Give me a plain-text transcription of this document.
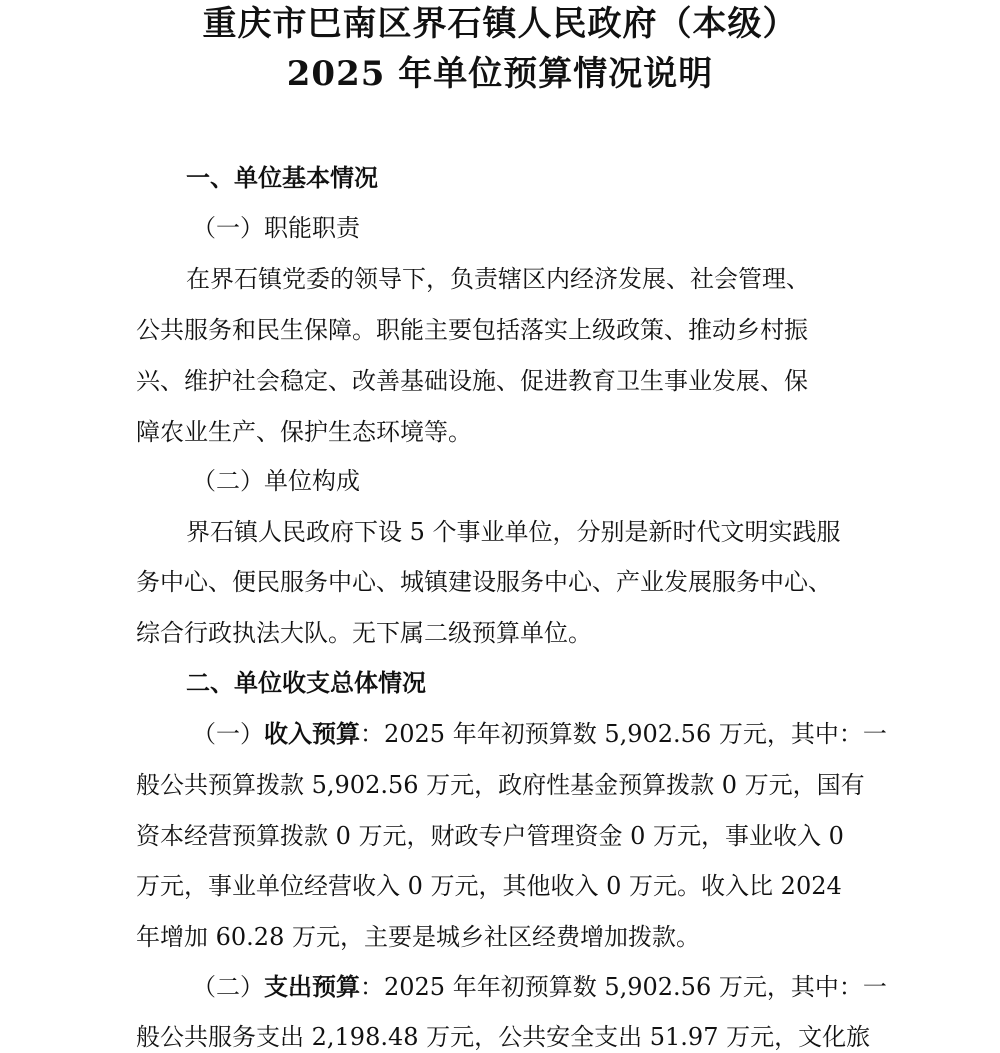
重庆市巴南区界石镇人民政府（本级）
2025 年单位预算情况说明
一、单位基本情况
（一）职能职责
在界石镇党委的领导下，负责辖区内经济发展、社会管理、
公共服务和民生保障。职能主要包括落实上级政策、推动乡村振
兴、维护社会稳定、改善基础设施、促进教育卫生事业发展、保
障农业生产、保护生态环境等。
（二）单位构成
界石镇人民政府下设 5 个事业单位，分别是新时代文明实践服
务中心、便民服务中心、城镇建设服务中心、产业发展服务中心、
综合行政执法大队。无下属二级预算单位。
二、单位收支总体情况
（一）收入预算：2025 年年初预算数 5,902.56 万元，其中：一
般公共预算拨款 5,902.56 万元，政府性基金预算拨款 0 万元，国有
资本经营预算拨款 0 万元，财政专户管理资金 0 万元，事业收入 0
万元，事业单位经营收入 0 万元，其他收入 0 万元。收入比 2024
年增加 60.28 万元，主要是城乡社区经费增加拨款。
（二）支出预算：2025 年年初预算数 5,902.56 万元，其中：一
般公共服务支出 2,198.48 万元，公共安全支出 51.97 万元，文化旅
